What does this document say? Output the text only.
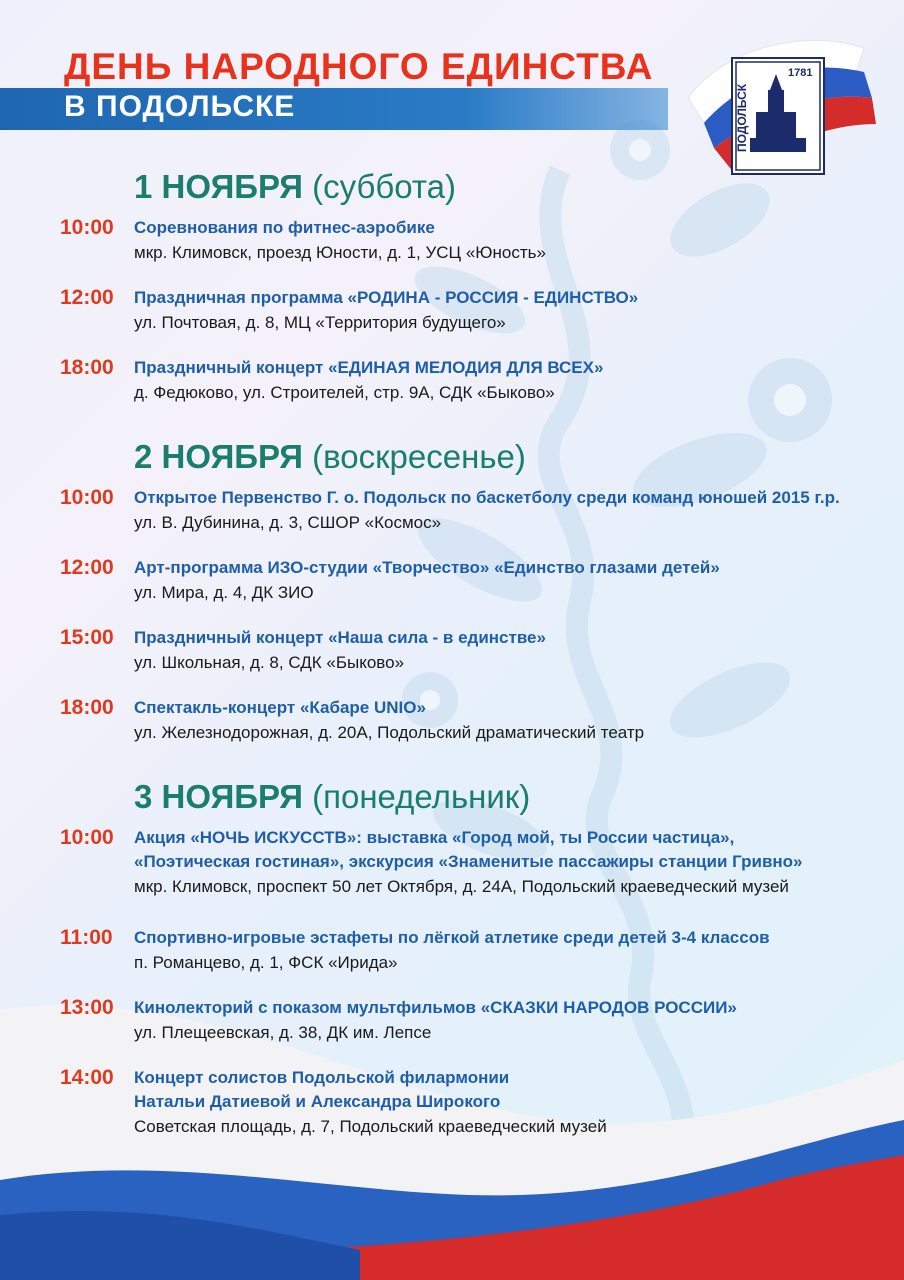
ДЕНЬ НАРОДНОГО ЕДИНСТВА
В ПОДОЛЬСКЕ	ПОДОЛЬСК
1781
1 НОЯБРЯ (суббота)
10:00 Соревнования по фитнес-аэробике
мкр. Климовск, проезд Юности, д. 1, УСЦ «Юность»
12:00 Праздничная программа «РОДИНА - РОССИЯ - ЕДИНСТВО»
ул. Почтовая, д. 8, МЦ «Территория будущего»
18:00 Праздничный концерт «ЕДИНАЯ МЕЛОДИЯ ДЛЯ ВСЕХ»
д. Федюково, ул. Строителей, стр. 9А, СДК «Быково»
2 НОЯБРЯ (воскресенье)
10:00 Открытое Первенство Г. о. Подольск по баскетболу среди команд юношей 2015 г.р.
ул. В. Дубинина, д. 3, СШОР «Космос»
12:00 Арт-программа ИЗО-студии «Творчество» «Единство глазами детей»
ул. Мира, д. 4, ДК ЗИО
15:00 Праздничный концерт «Наша сила - в единстве»
ул. Школьная, д. 8, СДК «Быково»
18:00 Спектакль-концерт «Кабаре UNIO»
ул. Железнодорожная, д. 20А, Подольский драматический театр
3 НОЯБРЯ (понедельник)
10:00 Акция «НОЧЬ ИСКУССТВ»: выставка «Город мой, ты России частица»,
«Поэтическая гостиная», экскурсия «Знаменитые пассажиры станции Гривно»
мкр. Климовск, проспект 50 лет Октября, д. 24А, Подольский краеведческий музей
11:00 Спортивно-игровые эстафеты по лёгкой атлетике среди детей 3-4 классов
п. Романцево, д. 1, ФСК «Ирида»
13:00 Кинолекторий с показом мультфильмов «СКАЗКИ НАРОДОВ РОССИИ»
ул. Плещеевская, д. 38, ДК им. Лепсе
14:00 Концерт солистов Подольской филармонии
Натальи Датиевой и Александра Широкого
Советская площадь, д. 7, Подольский краеведческий музей
